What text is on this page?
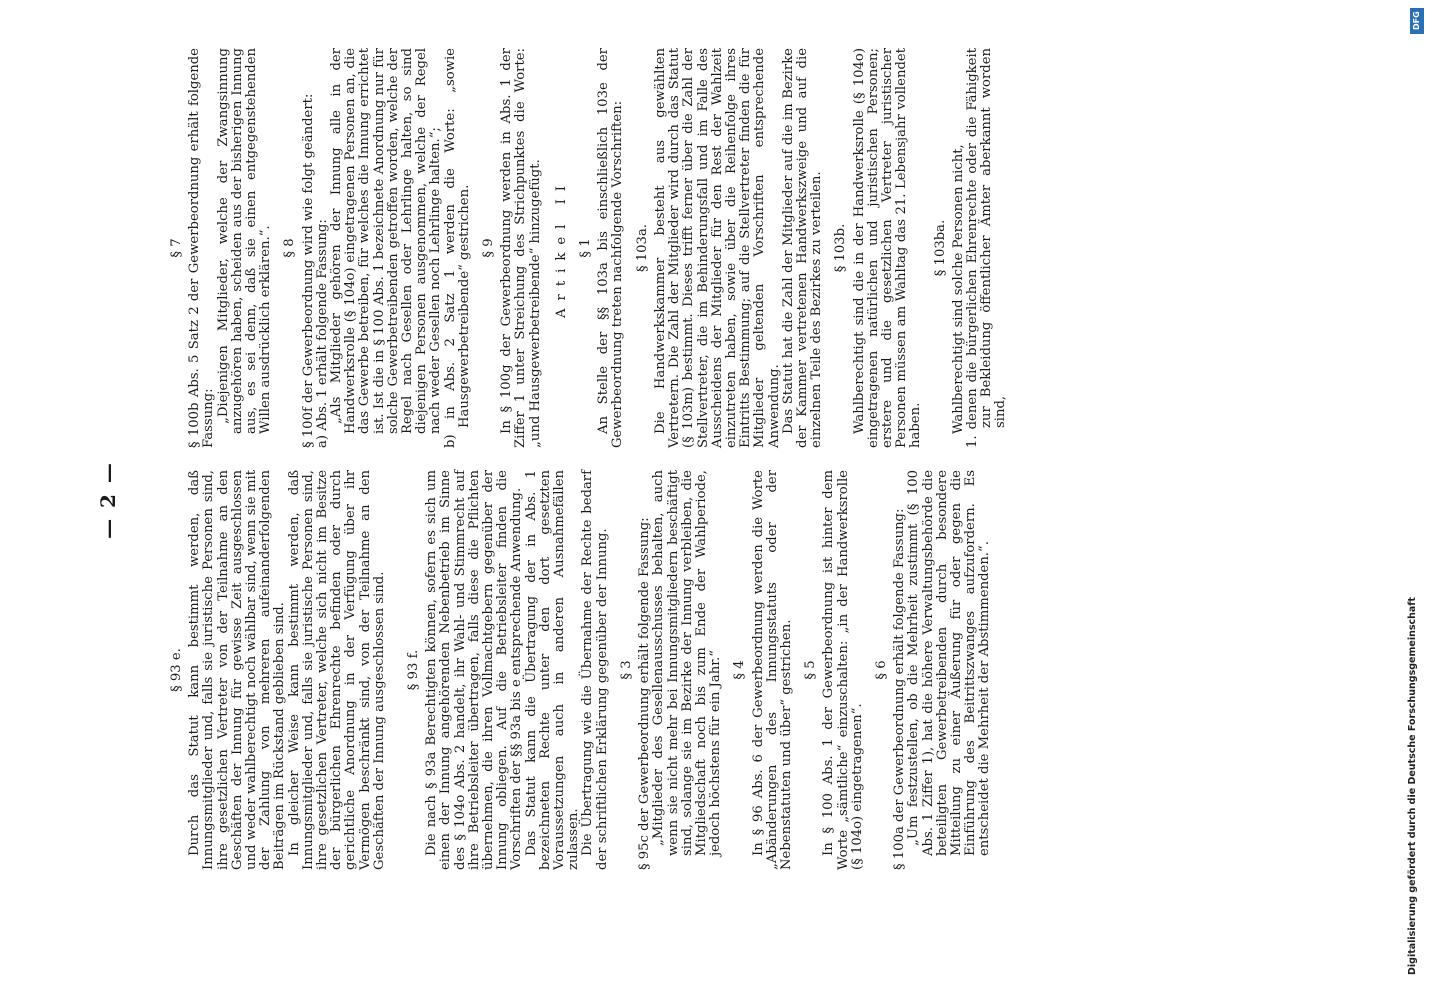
— 2 —
§ 93 e. Durch das Statut kann bestimmt werden, daß Innungsmitglieder und, falls sie juristische Personen sind, ihre gesetzlichen Vertreter von der Teilnahme an den Geschäften der Innung für gewisse Zeit ausgeschlossen und weder wahlberechtigt noch wählbar sind, wenn sie mit der Zahlung von mehreren aufeinanderfolgenden Beiträgen im Rückstand geblieben sind. In gleicher Weise kann bestimmt werden, daß Innungsmitglieder und, falls sie juristische Personen sind, ihre gesetzlichen Vertreter, welche sich nicht im Besitze der bürgerlichen Ehrenrechte befinden oder durch gerichtliche Anordnung in der Verfügung über ihr Vermögen beschränkt sind, von der Teilnahme an den Geschäften der Innung ausgeschlossen sind. § 93 f. Die nach § 93a Berechtigten können, sofern es sich um einen der Innung angehörenden Nebenbetrieb im Sinne des § 104o Abs. 2 handelt, ihr Wahl- und Stimmrecht auf ihre Betriebsleiter übertragen, falls diese die Pflichten übernehmen, die ihren Vollmachtgebern gegenüber der Innung obliegen. Auf die Betriebsleiter finden die Vorschriften der §§ 93a bis e entsprechende Anwendung. Das Statut kann die Übertragung der in Abs. 1 bezeichneten Rechte unter den dort gesetzten Voraussetzungen auch in anderen Ausnahmefällen zulassen. Die Übertragung wie die Übernahme der Rechte bedarf der schriftlichen Erklärung gegenüber der Innung. § 3 § 95c der Gewerbeordnung erhält folgende Fassung: „Mitglieder des Gesellenausschusses behalten, auch wenn sie nicht mehr bei Innungsmitgliedern beschäftigt sind, solange sie im Bezirke der Innung verbleiben, die Mitgliedschaft noch bis zum Ende der Wahlperiode, jedoch höchstens für ein Jahr.“ § 4 In § 96 Abs. 6 der Gewerbeordnung werden die Worte „Abänderungen des Innungsstatuts oder der Nebenstatuten und über“ gestrichen. § 5 In § 100 Abs. 1 der Gewerbeordnung ist hinter dem Worte „sämtliche“ einzuschalten: „in der Handwerksrolle (§ 104o) eingetragenen“.

§ 6 § 100a der Gewerbeordnung erhält folgende Fassung: „Um festzustellen, ob die Mehrheit zustimmt (§ 100 Abs. 1 Ziffer 1), hat die höhere Verwaltungsbehörde die beteiligten Gewerbetreibenden durch besondere Mitteilung zu einer Äußerung für oder gegen die Einführung des Beitrittszwanges aufzufordern. Es entscheidet die Mehrheit der Abstimmenden.“.

§ 7 § 100b Abs. 5 Satz 2 der Gewerbeordnung erhält folgende Fassung: „Diejenigen Mitglieder, welche der Zwangsinnung anzugehören haben, scheiden aus der bisherigen Innung aus, es sei denn, daß sie einen entgegenstehenden Willen ausdrücklich erklären.“. § 8 § 100f der Gewerbeordnung wird wie folgt geändert: a) Abs. 1 erhält folgende Fassung: „Als Mitglieder gehören der Innung alle in der Handwerksrolle (§ 104o) eingetragenen Personen an, die das Gewerbe betreiben, für welches die Innung errichtet ist. Ist die in § 100 Abs. 1 bezeichnete Anordnung nur für solche Gewerbetreibenden getroffen worden, welche der Regel nach Gesellen oder Lehrlinge halten, so sind diejenigen Personen ausgenommen, welche der Regel nach weder Gesellen noch Lehrlinge halten.“; b) in Abs. 2 Satz 1 werden die Worte: „sowie Hausgewerbetreibende“ gestrichen. § 9 In § 100g der Gewerbeordnung werden in Abs. 1 der Ziffer 1 unter Streichung des Strichpunktes die Worte: „und Hausgewerbetreibende“ hinzugefügt. Artikel II § 1 An Stelle der §§ 103a bis einschließlich 103e der Gewerbeordnung treten nachfolgende Vorschriften: § 103a. Die Handwerkskammer besteht aus gewählten Vertretern. Die Zahl der Mitglieder wird durch das Statut (§ 103m) bestimmt. Dieses trifft ferner über die Zahl der Stellvertreter, die im Behinderungsfall und im Falle des Ausscheidens der Mitglieder für den Rest der Wahlzeit einzutreten haben, sowie über die Reihenfolge ihres Eintritts Bestimmung; auf die Stellvertreter finden die für Mitglieder geltenden Vorschriften entsprechende Anwendung. Das Statut hat die Zahl der Mitglieder auf die im Bezirke der Kammer vertretenen Handwerkszweige und auf die einzelnen Teile des Bezirkes zu verteilen. § 103b. Wahlberechtigt sind die in der Handwerksrolle (§ 104o) eingetragenen natürlichen und juristischen Personen; erstere und die gesetzlichen Vertreter juristischer Personen müssen am Wahltag das 21. Lebensjahr vollendet haben.

§ 103ba. Wahlberechtigt sind solche Personen nicht, 1. denen die bürgerlichen Ehrenrechte oder die Fähigkeit zur Bekleidung öffentlicher Ämter aberkannt worden sind,

DFG
Digitalisierung gefördert durch die Deutsche Forschungsgemeinschaft
